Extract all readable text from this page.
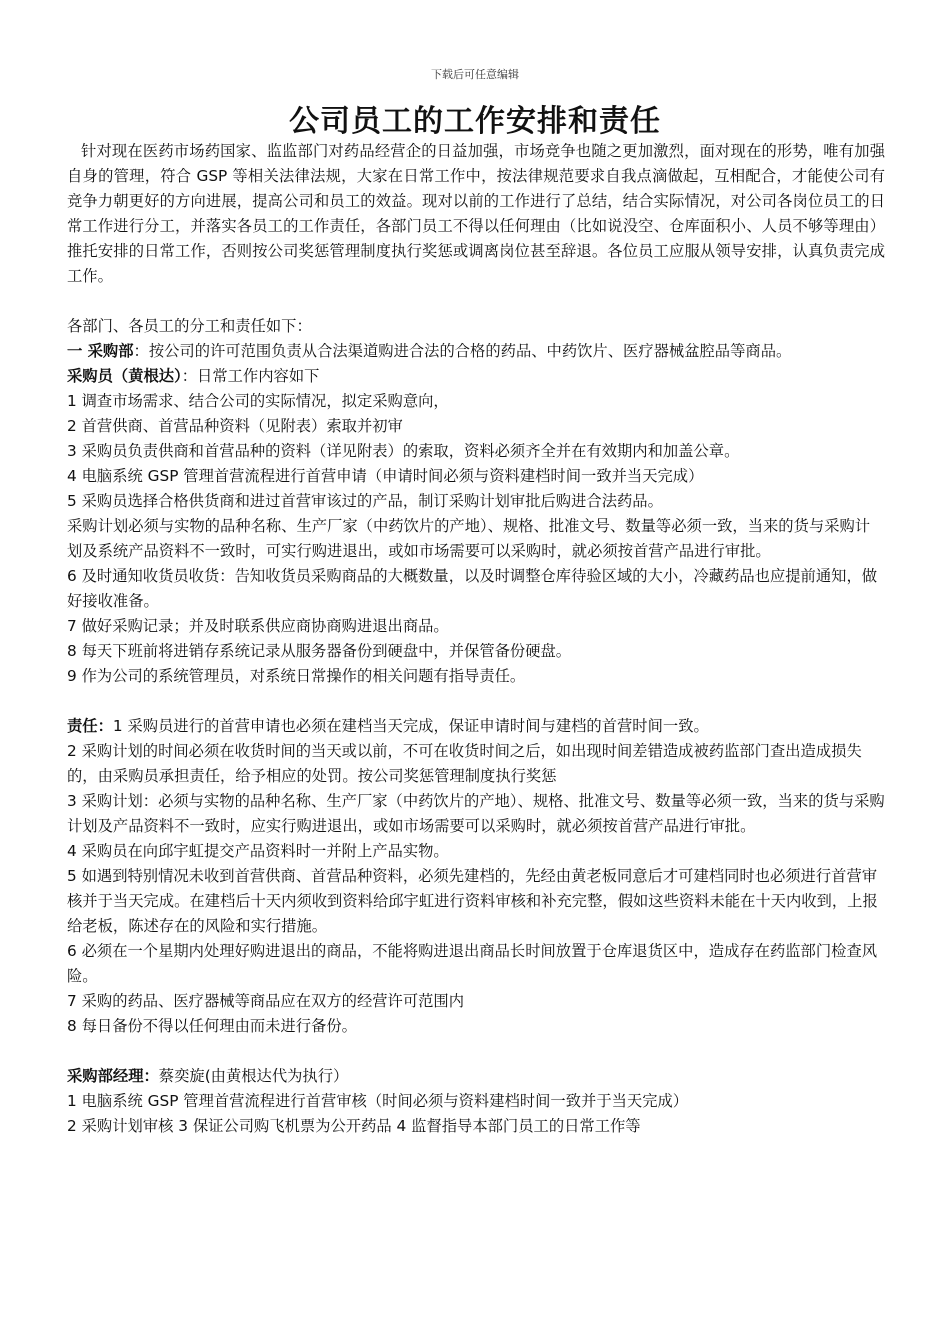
下载后可任意编辑
公司员工的工作安排和责任

针对现在医药市场药国家、监监部门对药品经营企的日益加强，市场竞争也随之更加激烈，面对现在的形势，唯有加强自身的管理，符合 GSP 等相关法律法规，大家在日常工作中，按法律规范要求自我点滴做起，互相配合，才能使公司有竞争力朝更好的方向进展，提高公司和员工的效益。现对以前的工作进行了总结，结合实际情况，对公司各岗位员工的日常工作进行分工，并落实各员工的工作责任，各部门员工不得以任何理由（比如说没空、仓库面积小、人员不够等理由）推托安排的日常工作，否则按公司奖惩管理制度执行奖惩或调离岗位甚至辞退。各位员工应服从领导安排，认真负责完成工作。

各部门、各员工的分工和责任如下：

一 采购部：按公司的许可范围负责从合法渠道购进合法的合格的药品、中药饮片、医疗器械盆腔品等商品。

采购员（黄根达）：日常工作内容如下

1 调查市场需求、结合公司的实际情况，拟定采购意向，

2 首营供商、首营品种资料（见附表）索取并初审

3 采购员负责供商和首营品种的资料（详见附表）的索取，资料必须齐全并在有效期内和加盖公章。

4 电脑系统 GSP 管理首营流程进行首营申请（申请时间必须与资料建档时间一致并当天完成）

5 采购员选择合格供货商和进过首营审该过的产品，制订采购计划审批后购进合法药品。

采购计划必须与实物的品种名称、生产厂家（中药饮片的产地）、规格、批准文号、数量等必须一致，当来的货与采购计划及系统产品资料不一致时，可实行购进退出，或如市场需要可以采购时，就必须按首营产品进行审批。

6 及时通知收货员收货：告知收货员采购商品的大概数量，以及时调整仓库待验区域的大小，冷藏药品也应提前通知，做好接收准备。

7 做好采购记录；并及时联系供应商协商购进退出商品。

8 每天下班前将进销存系统记录从服务器备份到硬盘中，并保管备份硬盘。

9 作为公司的系统管理员，对系统日常操作的相关问题有指导责任。

责任：1 采购员进行的首营申请也必须在建档当天完成，保证申请时间与建档的首营时间一致。

2 采购计划的时间必须在收货时间的当天或以前，不可在收货时间之后，如出现时间差错造成被药监部门查出造成损失的，由采购员承担责任，给予相应的处罚。按公司奖惩管理制度执行奖惩

3 采购计划：必须与实物的品种名称、生产厂家（中药饮片的产地）、规格、批准文号、数量等必须一致，当来的货与采购计划及产品资料不一致时，应实行购进退出，或如市场需要可以采购时，就必须按首营产品进行审批。

4 采购员在向邱宇虹提交产品资料时一并附上产品实物。

5 如遇到特别情况未收到首营供商、首营品种资料，必须先建档的，先经由黄老板同意后才可建档同时也必须进行首营审核并于当天完成。在建档后十天内须收到资料给邱宇虹进行资料审核和补充完整，假如这些资料未能在十天内收到，上报给老板，陈述存在的风险和实行措施。

6 必须在一个星期内处理好购进退出的商品，不能将购进退出商品长时间放置于仓库退货区中，造成存在药监部门检查风险。

7 采购的药品、医疗器械等商品应在双方的经营许可范围内

8 每日备份不得以任何理由而未进行备份。

采购部经理：蔡奕旋(由黄根达代为执行）

1 电脑系统 GSP 管理首营流程进行首营审核（时间必须与资料建档时间一致并于当天完成）

2 采购计划审核 3 保证公司购飞机票为公开药品 4 监督指导本部门员工的日常工作等
